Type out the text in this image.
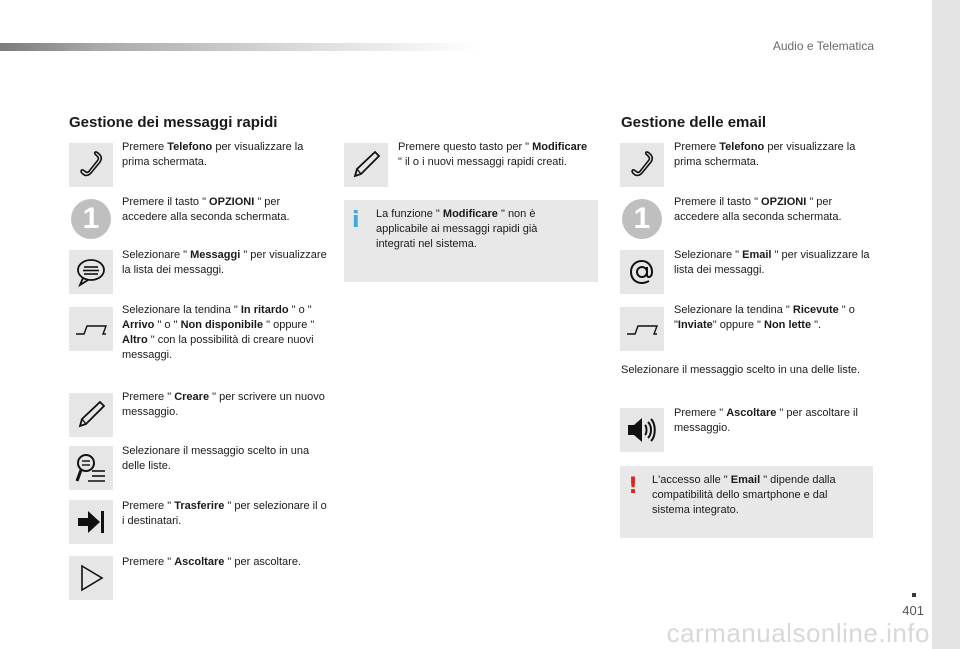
Audio e Telematica
401
carmanualsonline.info
Gestione dei messaggi rapidi
Premere Telefono per visualizzare la prima schermata.
1	Premere il tasto " OPZIONI " per accedere alla seconda schermata.
Selezionare " Messaggi " per visualizzare la lista dei messaggi.
Selezionare la tendina " In ritardo " o " Arrivo " o " Non disponibile " oppure " Altro " con la possibilità di creare nuovi messaggi.
Premere " Creare " per scrivere un nuovo messaggio.
Selezionare il messaggio scelto in una delle liste.
Premere " Trasferire " per selezionare il o i destinatari.
Premere " Ascoltare " per ascoltare.
Premere questo tasto per " Modificare " il o i nuovi messaggi rapidi creati.
i La funzione " Modificare " non è applicabile ai messaggi rapidi già integrati nel sistema.
Gestione delle email
Premere Telefono per visualizzare la prima schermata.
1	Premere il tasto " OPZIONI " per accedere alla seconda schermata.
Selezionare " Email " per visualizzare la lista dei messaggi.
Selezionare la tendina " Ricevute " o "Inviate" oppure " Non lette ".
Selezionare il messaggio scelto in una delle liste.
Premere " Ascoltare " per ascoltare il messaggio.
! L'accesso alle " Email " dipende dalla compatibilità dello smartphone e dal sistema integrato.
